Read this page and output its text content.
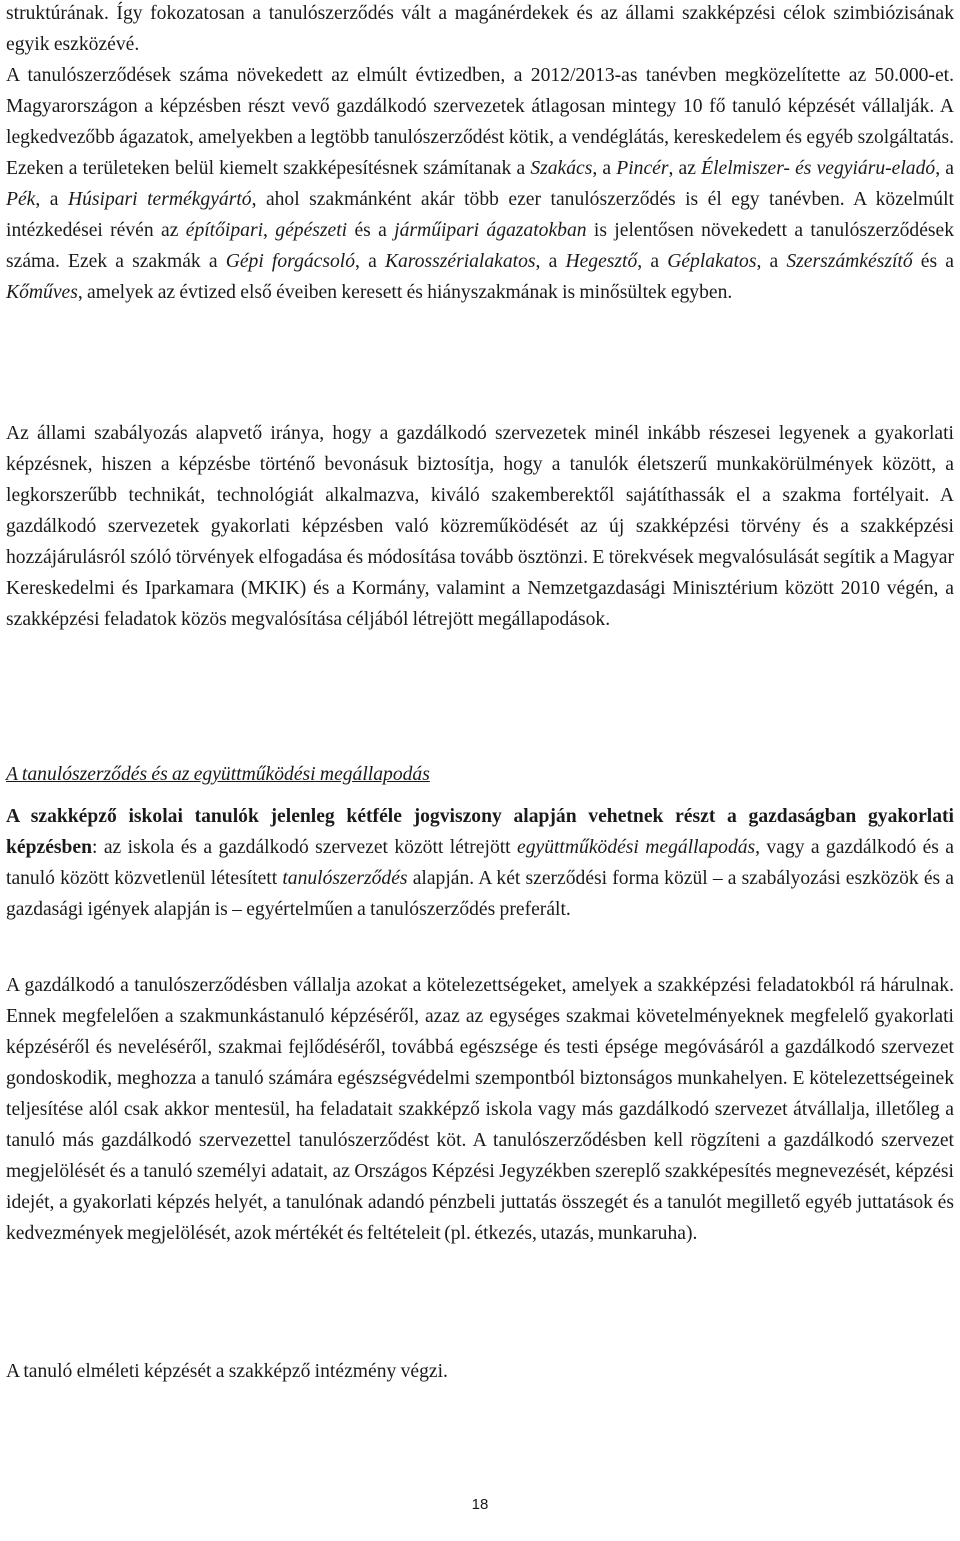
struktúrának. Így fokozatosan a tanulószerződés vált a magánérdekek és az állami szakképzési célok szimbiózisának egyik eszközévé.
A tanulószerződések száma növekedett az elmúlt évtizedben, a 2012/2013-as tanévben megközelítette az 50.000-et. Magyarországon a képzésben részt vevő gazdálkodó szervezetek átlagosan mintegy 10 fő tanuló képzését vállalják. A legkedvezőbb ágazatok, amelyekben a legtöbb tanulószerződést kötik, a vendéglátás, kereskedelem és egyéb szolgáltatás. Ezeken a területeken belül kiemelt szakképesítésnek számítanak a Szakács, a Pincér, az Élelmiszer- és vegyiáru-eladó, a Pék, a Húsipari termékgyártó, ahol szakmánként akár több ezer tanulószerződés is él egy tanévben. A közelmúlt intézkedései révén az építőipari, gépészeti és a járműipari ágazatokban is jelentősen növekedett a tanulószerződések száma. Ezek a szakmák a Gépi forgácsoló, a Karosszérialakatos, a Hegesztő, a Géplakatos, a Szerszámkészítő és a Kőműves, amelyek az évtized első éveiben keresett és hiányszakmának is minősültek egyben.

Az állami szabályozás alapvető iránya, hogy a gazdálkodó szervezetek minél inkább részesei legyenek a gyakorlati képzésnek, hiszen a képzésbe történő bevonásuk biztosítja, hogy a tanulók életszerű munkakörülmények között, a legkorszerűbb technikát, technológiát alkalmazva, kiváló szakemberektől sajátíthassák el a szakma fortélyait. A gazdálkodó szervezetek gyakorlati képzésben való közreműködését az új szakképzési törvény és a szakképzési hozzájárulásról szóló törvények elfogadása és módosítása tovább ösztönzi. E törekvések megvalósulását segítik a Magyar Kereskedelmi és Iparkamara (MKIK) és a Kormány, valamint a Nemzetgazdasági Minisztérium között 2010 végén, a szakképzési feladatok közös megvalósítása céljából létrejött megállapodások.

A tanulószerződés és az együttműködési megállapodás

A szakképző iskolai tanulók jelenleg kétféle jogviszony alapján vehetnek részt a gazdaságban gyakorlati képzésben: az iskola és a gazdálkodó szervezet között létrejött együttműködési megállapodás, vagy a gazdálkodó és a tanuló között közvetlenül létesített tanulószerződés alapján. A két szerződési forma közül – a szabályozási eszközök és a gazdasági igények alapján is – egyértelműen a tanulószerződés preferált.

A gazdálkodó a tanulószerződésben vállalja azokat a kötelezettségeket, amelyek a szakképzési feladatokból rá hárulnak. Ennek megfelelően a szakmunkástanuló képzéséről, azaz az egységes szakmai követelményeknek megfelelő gyakorlati képzéséről és neveléséről, szakmai fejlődéséről, továbbá egészsége és testi épsége megóvásáról a gazdálkodó szervezet gondoskodik, meghozza a tanuló számára egészségvédelmi szempontból biztonságos munkahelyen. E kötelezettségeinek teljesítése alól csak akkor mentesül, ha feladatait szakképző iskola vagy más gazdálkodó szervezet átvállalja, illetőleg a tanuló más gazdálkodó szervezettel tanulószerződést köt. A tanulószerződésben kell rögzíteni a gazdálkodó szervezet megjelölését és a tanuló személyi adatait, az Országos Képzési Jegyzékben szereplő szakképesítés megnevezését, képzési idejét, a gyakorlati képzés helyét, a tanulónak adandó pénzbeli juttatás összegét és a tanulót megillető egyéb juttatások és kedvezmények megjelölését, azok mértékét és feltételeit (pl. étkezés, utazás, munkaruha).

A tanuló elméleti képzését a szakképző intézmény végzi.

18
